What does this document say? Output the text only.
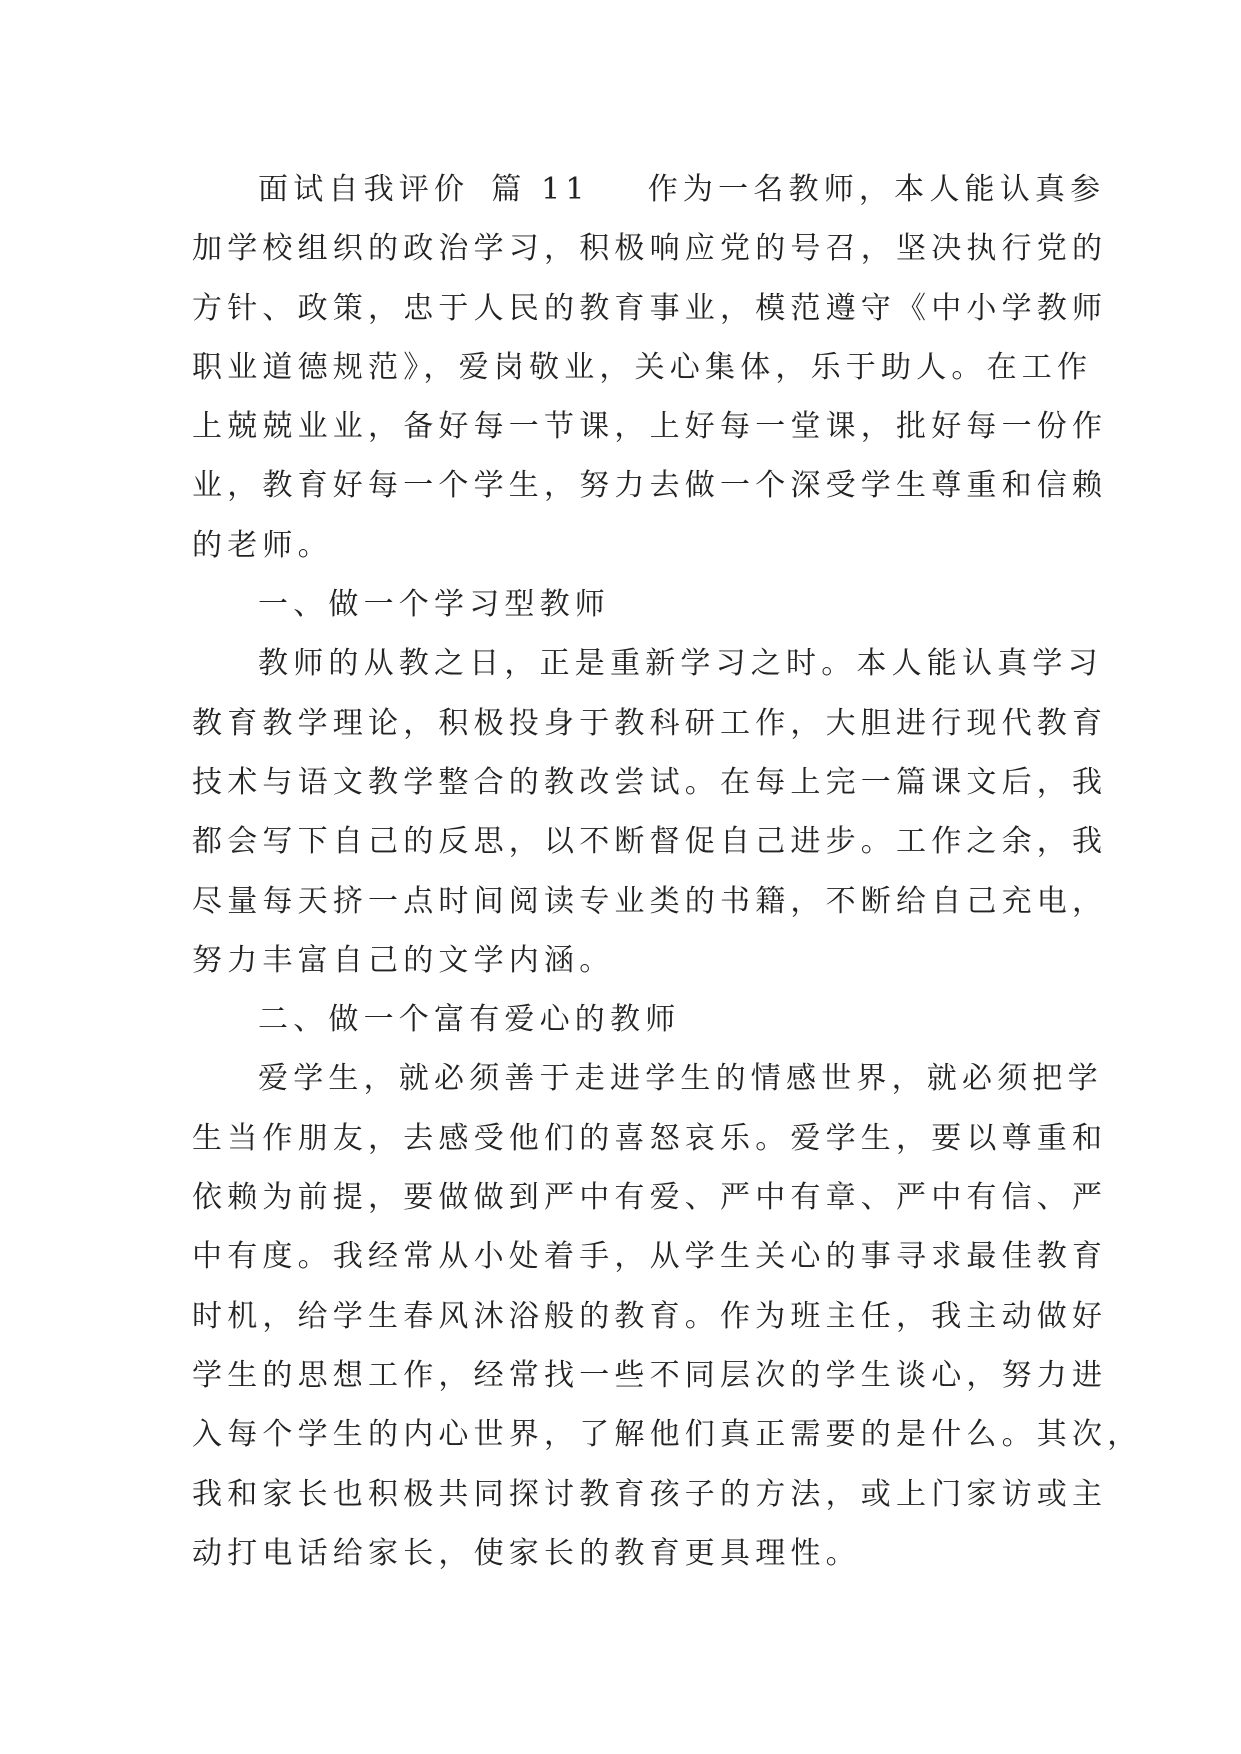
面试自我评价 篇 11 作为一名教师，本人能认真参
加学校组织的政治学习，积极响应党的号召，坚决执行党的
方针、政策，忠于人民的教育事业，模范遵守《中小学教师
职业道德规范》，爱岗敬业，关心集体，乐于助人。在工作
上兢兢业业，备好每一节课，上好每一堂课，批好每一份作
业，教育好每一个学生，努力去做一个深受学生尊重和信赖
的老师。
一、做一个学习型教师
教师的从教之日，正是重新学习之时。本人能认真学习
教育教学理论，积极投身于教科研工作，大胆进行现代教育
技术与语文教学整合的教改尝试。在每上完一篇课文后，我
都会写下自己的反思，以不断督促自己进步。工作之余，我
尽量每天挤一点时间阅读专业类的书籍，不断给自己充电，
努力丰富自己的文学内涵。
二、做一个富有爱心的教师
爱学生，就必须善于走进学生的情感世界，就必须把学
生当作朋友，去感受他们的喜怒哀乐。爱学生，要以尊重和
依赖为前提，要做做到严中有爱、严中有章、严中有信、严
中有度。我经常从小处着手，从学生关心的事寻求最佳教育
时机，给学生春风沐浴般的教育。作为班主任，我主动做好
学生的思想工作，经常找一些不同层次的学生谈心，努力进
入每个学生的内心世界，了解他们真正需要的是什么。其次，
我和家长也积极共同探讨教育孩子的方法，或上门家访或主
动打电话给家长，使家长的教育更具理性。
